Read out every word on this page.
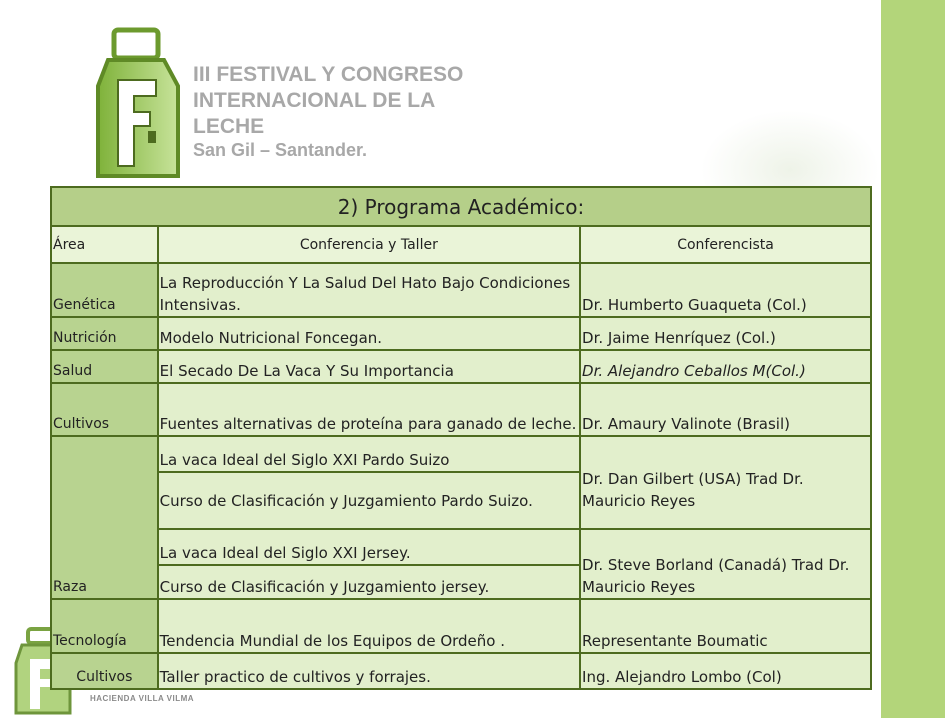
III FESTIVAL Y CONGRESO
INTERNACIONAL DE LA
LECHE
San Gil – Santander.
HACIENDA VILLA VILMA
2) Programa Académico:		
Área	Conferencia y Taller	Conferencista
Genética	La Reproducción Y La Salud Del Hato Bajo Condiciones Intensivas.	Dr. Humberto Guaqueta (Col.)
Nutrición	Modelo Nutricional Foncegan.	Dr. Jaime Henríquez (Col.)
Salud	El Secado De La Vaca Y Su Importancia	Dr. Alejandro Ceballos M(Col.)
Cultivos	Fuentes alternativas de proteína para ganado de leche.	Dr. Amaury Valinote (Brasil)
Raza	La vaca Ideal del Siglo XXI Pardo Suizo	Dr. Dan Gilbert (USA) Trad Dr. Mauricio Reyes
	Curso de Clasificación y Juzgamiento Pardo Suizo.	
	La vaca Ideal del Siglo XXI Jersey.	Dr. Steve Borland (Canadá) Trad Dr. Mauricio Reyes
	Curso de Clasificación y Juzgamiento jersey.	
Tecnología	Tendencia Mundial de los Equipos de Ordeño .	Representante Boumatic
Cultivos	Taller practico de cultivos y forrajes.	Ing. Alejandro Lombo (Col)
